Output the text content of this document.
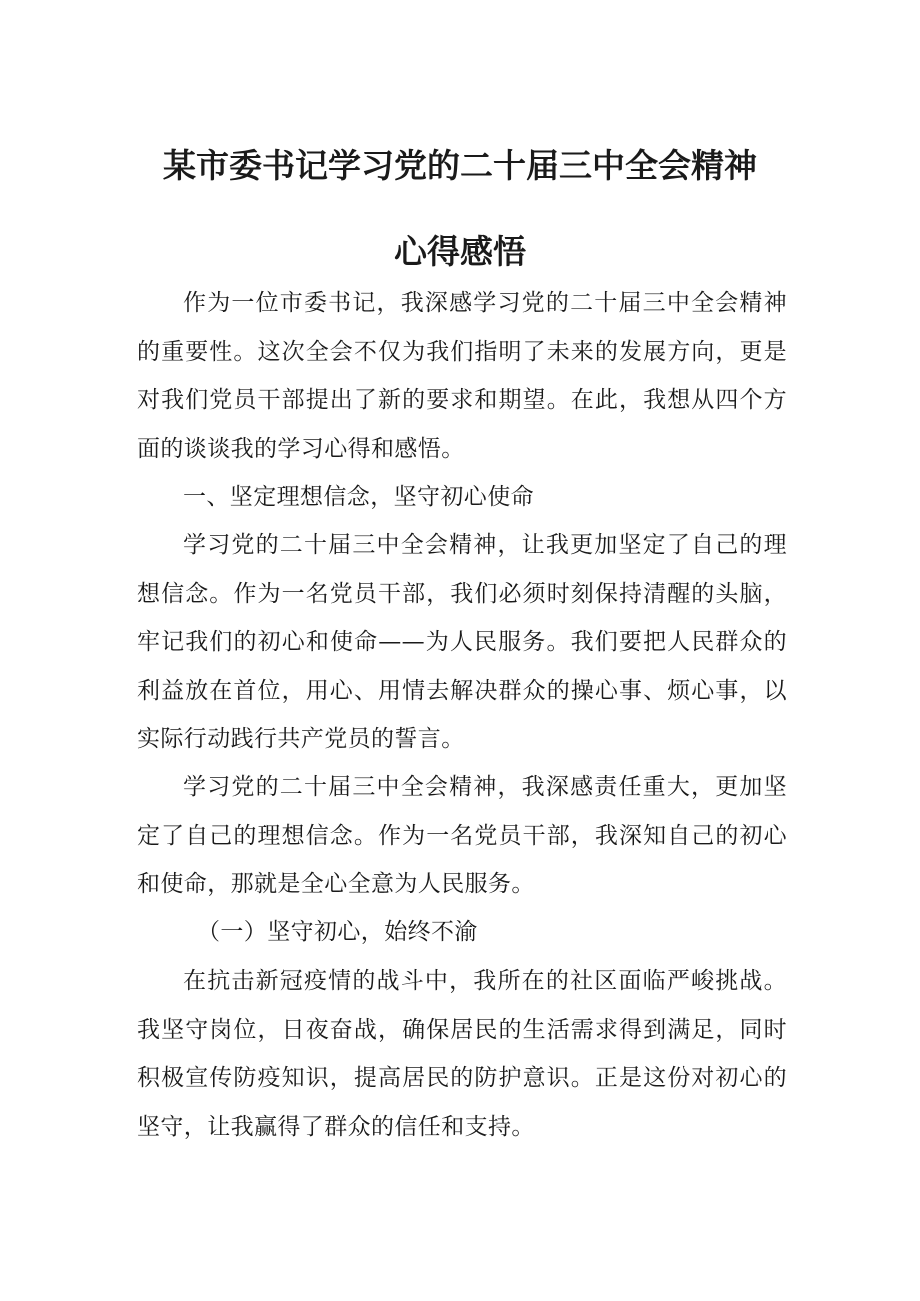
某市委书记学习党的二十届三中全会精神
心得感悟

作为一位市委书记，我深感学习党的二十届三中全会精神的重要性。这次全会不仅为我们指明了未来的发展方向，更是对我们党员干部提出了新的要求和期望。在此，我想从四个方面的谈谈我的学习心得和感悟。

一、坚定理想信念，坚守初心使命

学习党的二十届三中全会精神，让我更加坚定了自己的理想信念。作为一名党员干部，我们必须时刻保持清醒的头脑，牢记我们的初心和使命——为人民服务。我们要把人民群众的利益放在首位，用心、用情去解决群众的操心事、烦心事，以实际行动践行共产党员的誓言。

学习党的二十届三中全会精神，我深感责任重大，更加坚定了自己的理想信念。作为一名党员干部，我深知自己的初心和使命，那就是全心全意为人民服务。

（一）坚守初心，始终不渝

在抗击新冠疫情的战斗中，我所在的社区面临严峻挑战。我坚守岗位，日夜奋战，确保居民的生活需求得到满足，同时积极宣传防疫知识，提高居民的防护意识。正是这份对初心的坚守，让我赢得了群众的信任和支持。
